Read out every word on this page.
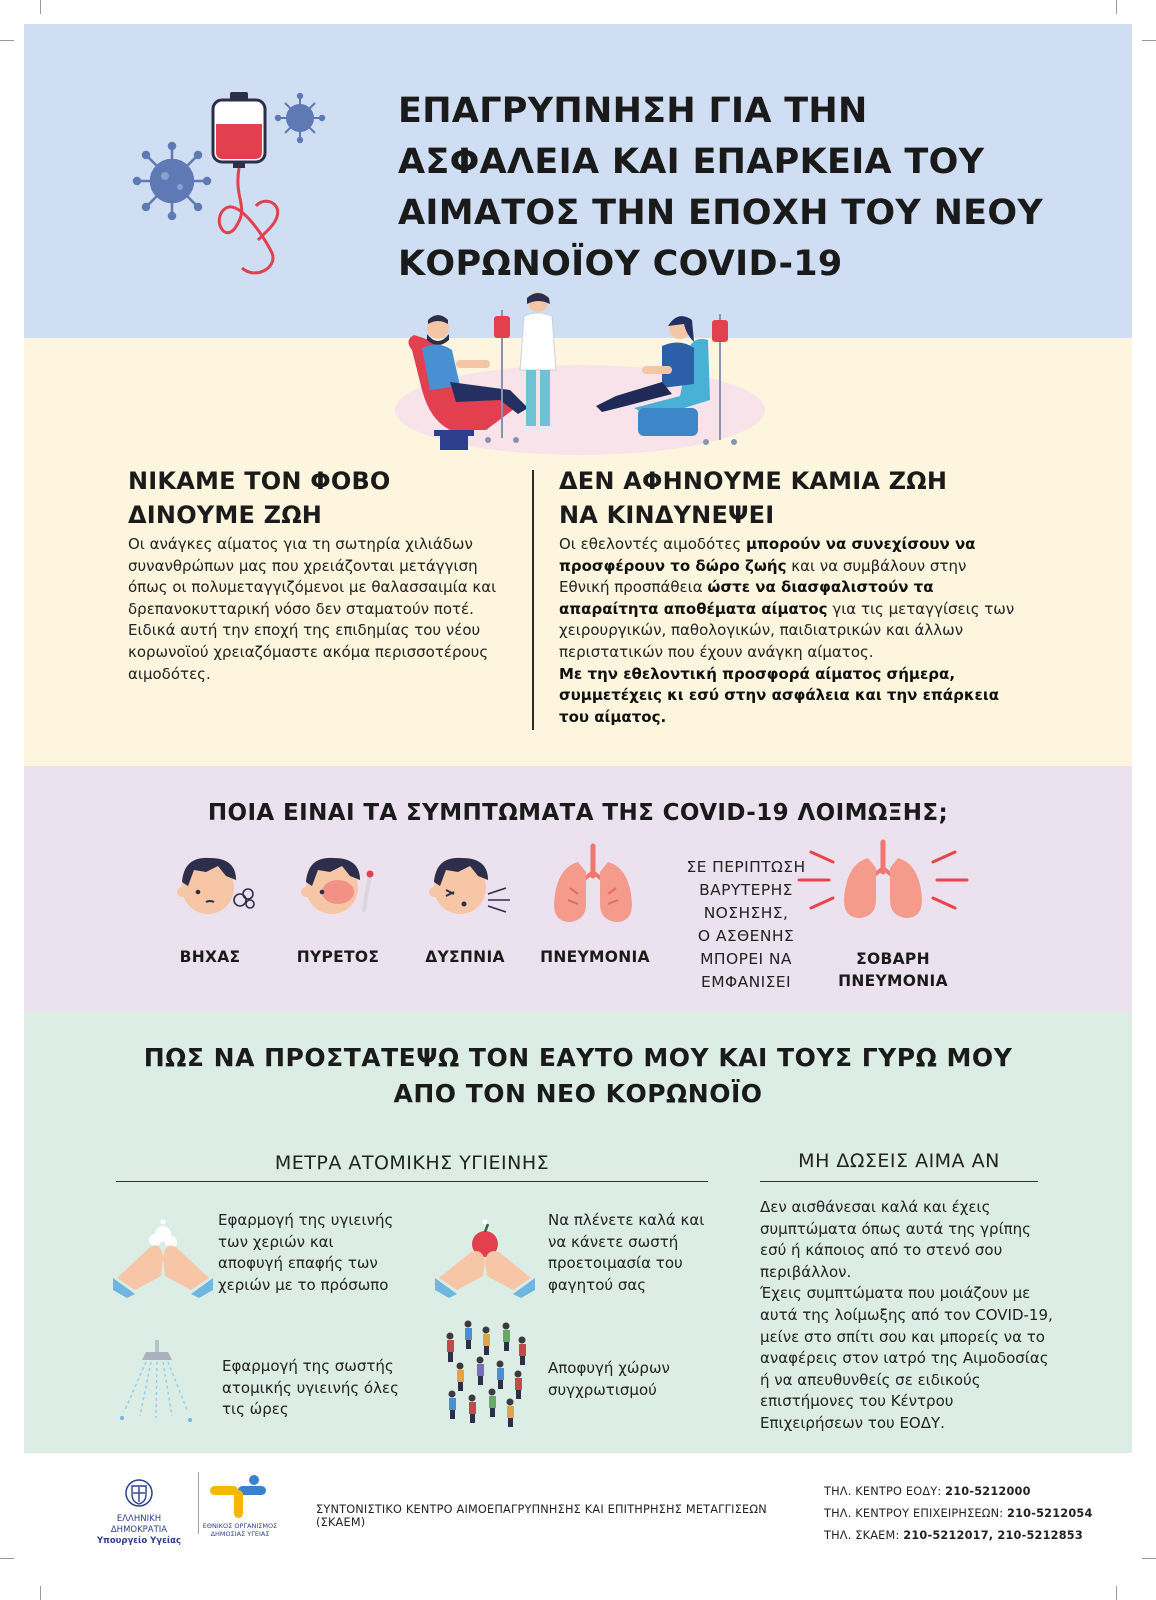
ΕΠΑΓΡΥΠΝΗΣΗ ΓΙΑ ΤΗΝ
ΑΣΦΑΛΕΙΑ ΚΑΙ ΕΠΑΡΚΕΙΑ ΤΟΥ
ΑΙΜΑΤΟΣ ΤΗΝ ΕΠΟΧΗ ΤΟΥ ΝΕΟΥ
ΚΟΡΩΝΟΪΟΥ COVID-19
ΝΙΚΑΜΕ ΤΟΝ ΦΟΒΟ
ΔΙΝΟΥΜΕ ΖΩΗ
Οι ανάγκες αίματος για τη σωτηρία χιλιάδων συνανθρώπων μας που χρειάζονται μετάγγιση όπως οι πολυμεταγγιζόμενοι με θαλασσαιμία και δρεπανοκυτταρική νόσο δεν σταματούν ποτέ. Ειδικά αυτή την εποχή της επιδημίας του νέου κορωνοϊού χρειαζόμαστε ακόμα περισσοτέρους αιμοδότες.
ΔΕΝ ΑΦΗΝΟΥΜΕ ΚΑΜΙΑ ΖΩΗ
ΝΑ ΚΙΝΔΥΝΕΨΕΙ
Οι εθελοντές αιμοδότες μπορούν να συνεχίσουν να προσφέρουν το δώρο ζωής και να συμβάλουν στην Εθνική προσπάθεια ώστε να διασφαλιστούν τα απαραίτητα αποθέματα αίματος για τις μεταγγίσεις των χειρουργικών, παθολογικών, παιδιατρικών και άλλων περιστατικών που έχουν ανάγκη αίματος.
Με την εθελοντική προσφορά αίματος σήμερα, συμμετέχεις κι εσύ στην ασφάλεια και την επάρκεια του αίματος.
ΠΟΙΑ ΕΙΝΑΙ ΤΑ ΣΥΜΠΤΩΜΑΤΑ ΤΗΣ COVID-19 ΛΟΙΜΩΞΗΣ;
ΒΗΧΑΣ	ΠΥΡΕΤΟΣ	ΔΥΣΠΝΙΑ	ΠΝΕΥΜΟΝΙΑ
ΣΕ ΠΕΡΙΠΤΩΣΗ
ΒΑΡΥΤΕΡΗΣ
ΝΟΣΗΣΗΣ,
Ο ΑΣΘΕΝΗΣ
ΜΠΟΡΕΙ ΝΑ
ΕΜΦΑΝΙΣΕΙ
ΣΟΒΑΡΗ
ΠΝΕΥΜΟΝΙΑ
ΠΩΣ ΝΑ ΠΡΟΣΤΑΤΕΨΩ ΤΟΝ ΕΑΥΤΟ ΜΟΥ ΚΑΙ ΤΟΥΣ ΓΥΡΩ ΜΟΥ
ΑΠΟ ΤΟΝ ΝΕΟ ΚΟΡΩΝΟΪΟ
ΜΕΤΡΑ ΑΤΟΜΙΚΗΣ ΥΓΙΕΙΝΗΣ	ΜΗ ΔΩΣΕΙΣ ΑΙΜΑ ΑΝ
Εφαρμογή της υγιεινής των χεριών και αποφυγή επαφής των χεριών με το πρόσωπο
Να πλένετε καλά και να κάνετε σωστή προετοιμασία του φαγητού σας
Εφαρμογή της σωστής ατομικής υγιεινής όλες τις ώρες
Αποφυγή χώρων συγχρωτισμού
Δεν αισθάνεσαι καλά και έχεις συμπτώματα όπως αυτά της γρίπης εσύ ή κάποιος από το στενό σου περιβάλλον.
Έχεις συμπτώματα που μοιάζουν με αυτά της λοίμωξης από τον COVID-19, μείνε στο σπίτι σου και μπορείς να το αναφέρεις στον ιατρό της Αιμοδοσίας ή να απευθυνθείς σε ειδικούς επιστήμονες του Κέντρου Επιχειρήσεων του ΕΟΔΥ.
ΕΛΛΗΝΙΚΗ ΔΗΜΟΚΡΑΤΙΑ
Υπουργείο Υγείας
ΕΘΝΙΚΟΣ ΟΡΓΑΝΙΣΜΟΣ
ΔΗΜΟΣΙΑΣ ΥΓΕΙΑΣ
ΣΥΝΤΟΝΙΣΤΙΚΟ ΚΕΝΤΡΟ ΑΙΜΟΕΠΑΓΡΥΠΝΗΣΗΣ ΚΑΙ ΕΠΙΤΗΡΗΣΗΣ ΜΕΤΑΓΓΙΣΕΩΝ (ΣΚΑΕΜ)
ΤΗΛ. ΚΕΝΤΡΟ ΕΟΔΥ: 210-5212000
ΤΗΛ. ΚΕΝΤΡΟΥ ΕΠΙΧΕΙΡΗΣΕΩΝ: 210-5212054
ΤΗΛ. ΣΚΑΕΜ: 210-5212017, 210-5212853
